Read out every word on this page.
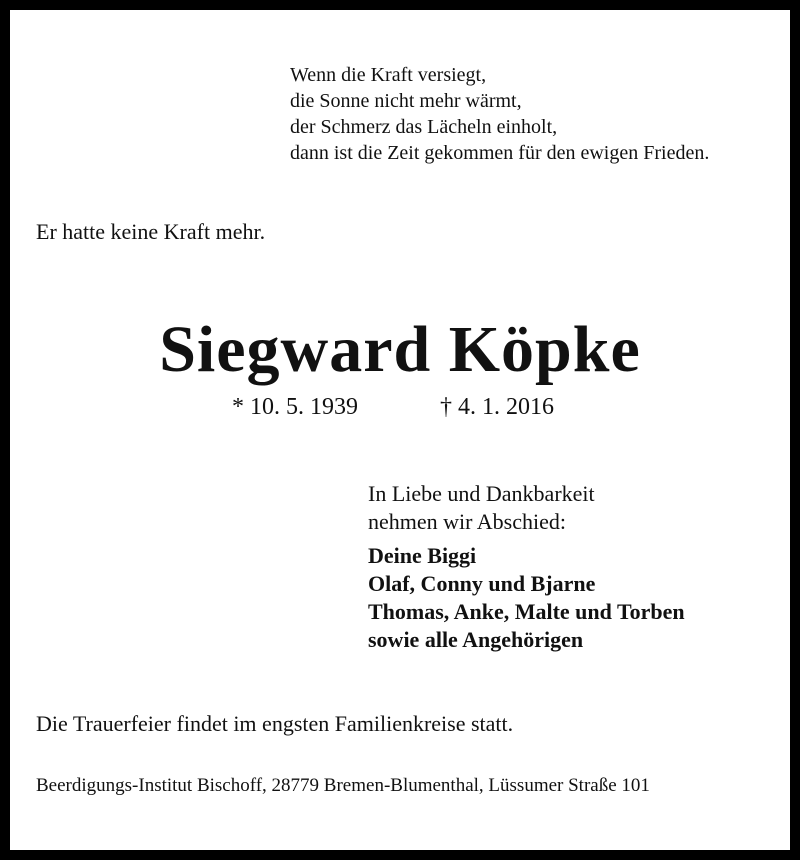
Wenn die Kraft versiegt,
die Sonne nicht mehr wärmt,
der Schmerz das Lächeln einholt,
dann ist die Zeit gekommen für den ewigen Frieden.
Er hatte keine Kraft mehr.
Siegward Köpke
* 10. 5. 1939	† 4. 1. 2016
In Liebe und Dankbarkeit
nehmen wir Abschied:
Deine Biggi
Olaf, Conny und Bjarne
Thomas, Anke, Malte und Torben
sowie alle Angehörigen
Die Trauerfeier findet im engsten Familienkreise statt.
Beerdigungs-Institut Bischoff, 28779 Bremen-Blumenthal, Lüssumer Straße 101
